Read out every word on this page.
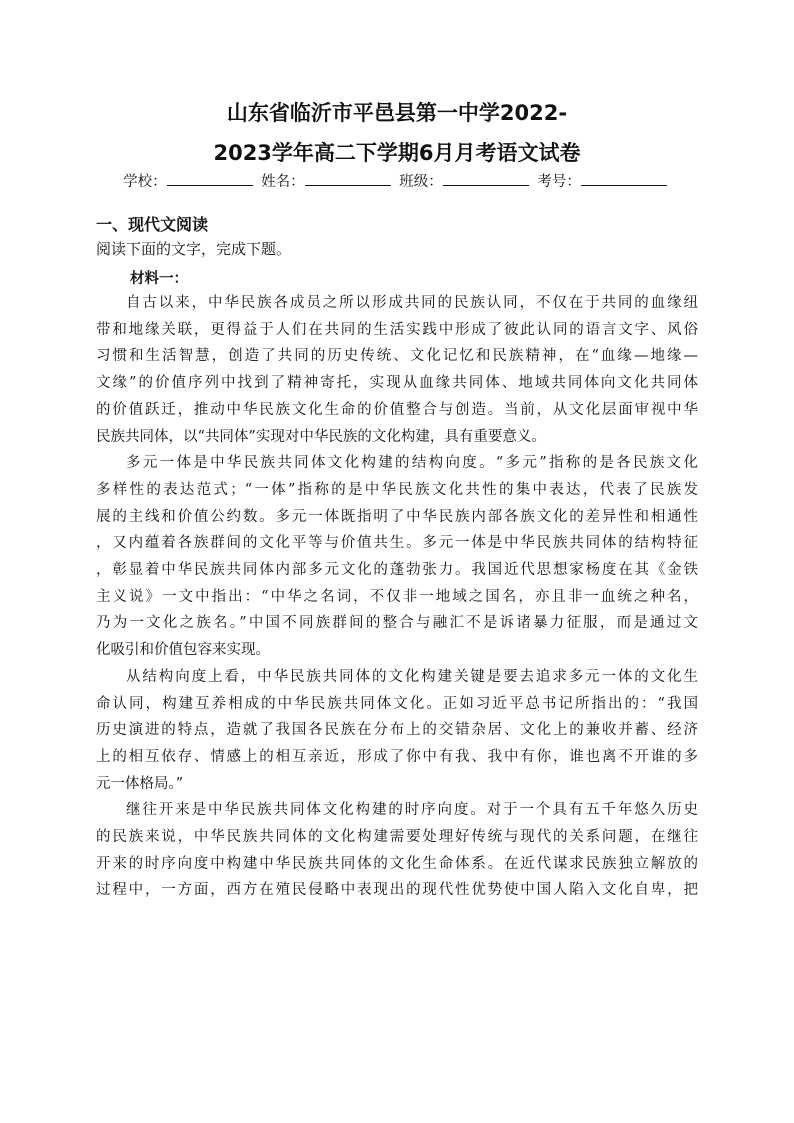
山东省临沂市平邑县第一中学2022-
2023学年高二下学期6月月考语文试卷
学校：	姓名：	班级：	考号：
一、现代文阅读
阅读下面的文字，完成下题。
材料一：
自古以来，中华民族各成员之所以形成共同的民族认同，不仅在于共同的血缘纽
带和地缘关联，更得益于人们在共同的生活实践中形成了彼此认同的语言文字、风俗
习惯和生活智慧，创造了共同的历史传统、文化记忆和民族精神，在“血缘—地缘—
文缘”的价值序列中找到了精神寄托，实现从血缘共同体、地域共同体向文化共同体
的价值跃迁，推动中华民族文化生命的价值整合与创造。当前，从文化层面审视中华
民族共同体，以“共同体”实现对中华民族的文化构建，具有重要意义。
多元一体是中华民族共同体文化构建的结构向度。“多元”指称的是各民族文化
多样性的表达范式；“一体”指称的是中华民族文化共性的集中表达，代表了民族发
展的主线和价值公约数。多元一体既指明了中华民族内部各族文化的差异性和相通性
，又内蕴着各族群间的文化平等与价值共生。多元一体是中华民族共同体的结构特征
，彰显着中华民族共同体内部多元文化的蓬勃张力。我国近代思想家杨度在其《金铁
主义说》一文中指出：“中华之名词，不仅非一地域之国名，亦且非一血统之种名，
乃为一文化之族名。”中国不同族群间的整合与融汇不是诉诸暴力征服，而是通过文
化吸引和价值包容来实现。
从结构向度上看，中华民族共同体的文化构建关键是要去追求多元一体的文化生
命认同，构建互养相成的中华民族共同体文化。正如习近平总书记所指出的：“我国
历史演进的特点，造就了我国各民族在分布上的交错杂居、文化上的兼收并蓄、经济
上的相互依存、情感上的相互亲近，形成了你中有我、我中有你，谁也离不开谁的多
元一体格局。”
继往开来是中华民族共同体文化构建的时序向度。对于一个具有五千年悠久历史
的民族来说，中华民族共同体的文化构建需要处理好传统与现代的关系问题，在继往
开来的时序向度中构建中华民族共同体的文化生命体系。在近代谋求民族独立解放的
过程中，一方面，西方在殖民侵略中表现出的现代性优势使中国人陷入文化自卑，把
